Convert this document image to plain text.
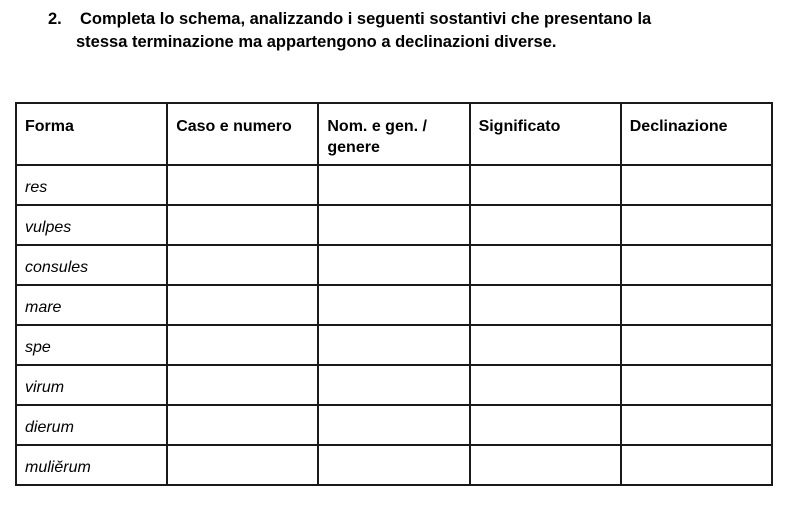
2. Completa lo schema, analizzando i seguenti sostantivi che presentano la
stessa terminazione ma appartengono a declinazioni diverse.
Forma	Caso e numero	Nom. e gen. / genere	Significato	Declinazione
res				
vulpes				
consules				
mare				
spe				
virum				
dierum				
muliĕrum				
